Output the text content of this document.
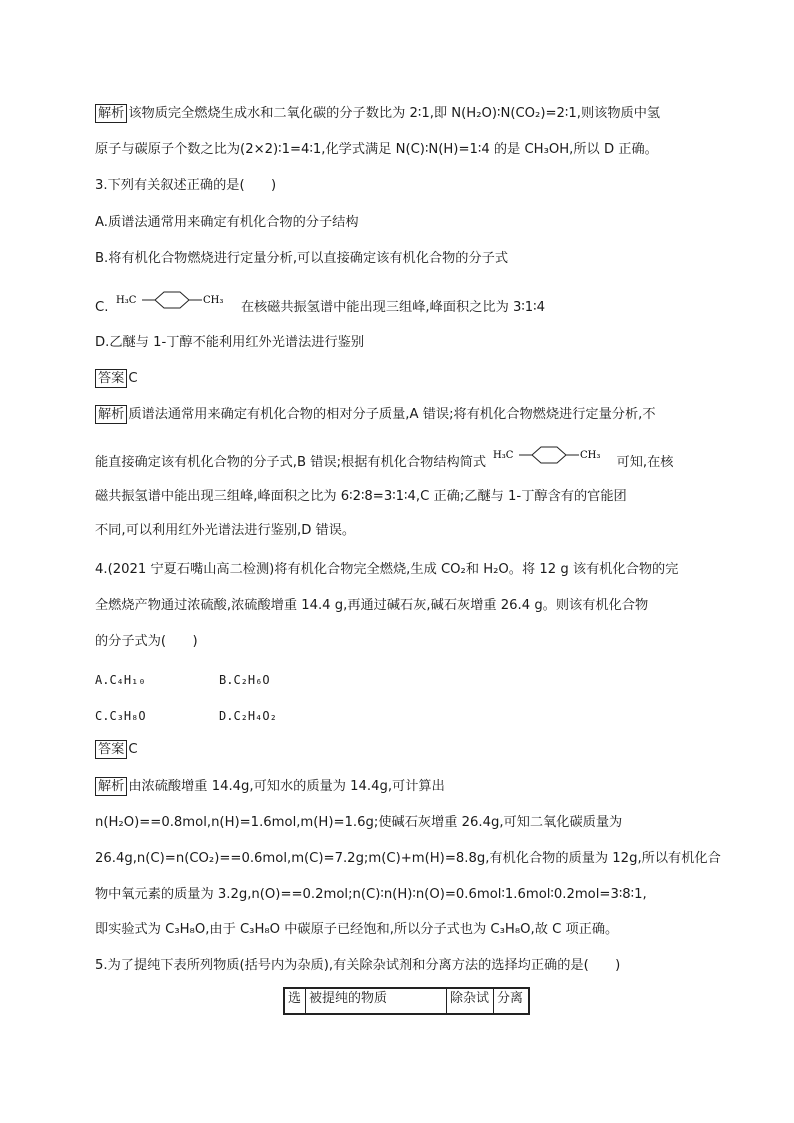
解析 该物质完全燃烧生成水和二氧化碳的分子数比为 2∶1,即 N(H₂O)∶N(CO₂)=2∶1,则该物质中氢
原子与碳原子个数之比为(2×2)∶1=4∶1,化学式满足 N(C)∶N(H)=1∶4 的是 CH₃OH,所以 D 正确。
3.下列有关叙述正确的是(　　)
A.质谱法通常用来确定有机化合物的分子结构
B.将有机化合物燃烧进行定量分析,可以直接确定该有机化合物的分子式
C. H₃C	CH₃ 在核磁共振氢谱中能出现三组峰,峰面积之比为 3∶1∶4
D.乙醚与 1-丁醇不能利用红外光谱法进行鉴别
答案 C
解析 质谱法通常用来确定有机化合物的相对分子质量,A 错误;将有机化合物燃烧进行定量分析,不
能直接确定该有机化合物的分子式,B 错误;根据有机化合物结构简式 H₃C	CH₃ 可知,在核
磁共振氢谱中能出现三组峰,峰面积之比为 6∶2∶8=3∶1∶4,C 正确;乙醚与 1-丁醇含有的官能团
不同,可以利用红外光谱法进行鉴别,D 错误。
4.(2021 宁夏石嘴山高二检测)将有机化合物完全燃烧,生成 CO₂和 H₂O。将 12 g 该有机化合物的完
全燃烧产物通过浓硫酸,浓硫酸增重 14.4 g,再通过碱石灰,碱石灰增重 26.4 g。则该有机化合物
的分子式为(　　)
A.C₄H₁₀	B.C₂H₆O
C.C₃H₈O	D.C₂H₄O₂
答案 C
解析 由浓硫酸增重 14.4g,可知水的质量为 14.4g,可计算出
n(H₂O)==0.8mol,n(H)=1.6mol,m(H)=1.6g;使碱石灰增重 26.4g,可知二氧化碳质量为
26.4g,n(C)=n(CO₂)==0.6mol,m(C)=7.2g;m(C)+m(H)=8.8g,有机化合物的质量为 12g,所以有机化合
物中氧元素的质量为 3.2g,n(O)==0.2mol;n(C)∶n(H)∶n(O)=0.6mol∶1.6mol∶0.2mol=3∶8∶1,
即实验式为 C₃H₈O,由于 C₃H₈O 中碳原子已经饱和,所以分子式也为 C₃H₈O,故 C 项正确。
5.为了提纯下表所列物质(括号内为杂质),有关除杂试剂和分离方法的选择均正确的是(　　)
选	被提纯的物质	除杂试	分离
